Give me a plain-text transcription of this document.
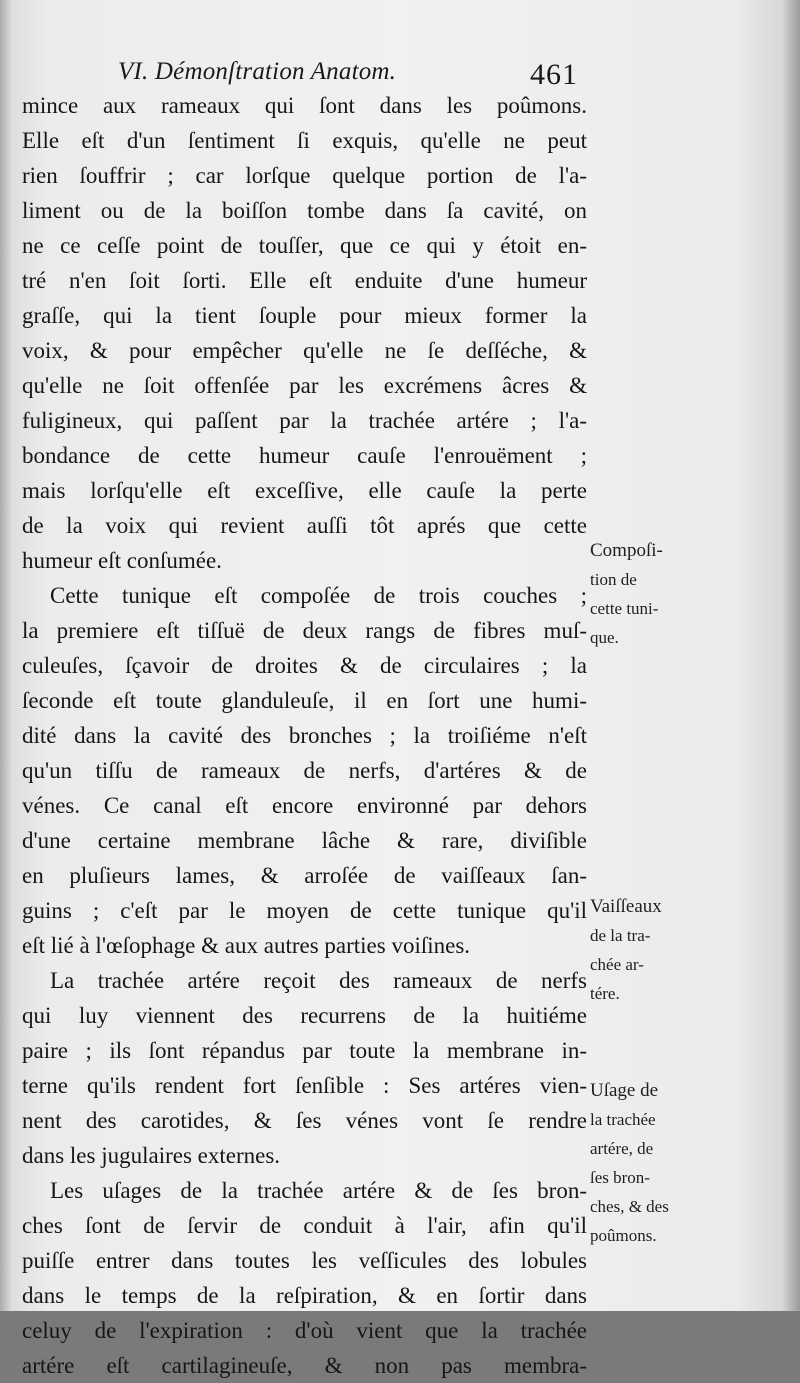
VI. Démonſtration Anatom.	461
mince aux rameaux qui ſont dans les poûmons.
Elle eſt d'un ſentiment ſi exquis, qu'elle ne peut
rien ſouffrir ; car lorſque quelque portion de l'a-
liment ou de la boiſſon tombe dans ſa cavité, on
ne ce ceſſe point de touſſer, que ce qui y étoit en-
tré n'en ſoit ſorti. Elle eſt enduite d'une humeur
graſſe, qui la tient ſouple pour mieux former la
voix, & pour empêcher qu'elle ne ſe deſſéche, &
qu'elle ne ſoit offenſée par les excrémens âcres &
fuligineux, qui paſſent par la trachée artére ; l'a-
bondance de cette humeur cauſe l'enrouëment ;
mais lorſqu'elle eſt exceſſive, elle cauſe la perte
de la voix qui revient auſſi tôt aprés que cette
humeur eſt conſumée.
Cette tunique eſt compoſée de trois couches ;
la premiere eſt tiſſuë de deux rangs de fibres muſ-
culeuſes, ſçavoir de droites & de circulaires ; la
ſeconde eſt toute glanduleuſe, il en ſort une humi-
dité dans la cavité des bronches ; la troiſiéme n'eſt
qu'un tiſſu de rameaux de nerfs, d'artéres & de
vénes. Ce canal eſt encore environné par dehors
d'une certaine membrane lâche & rare, diviſible
en pluſieurs lames, & arroſée de vaiſſeaux ſan-
guins ; c'eſt par le moyen de cette tunique qu'il
eſt lié à l'œſophage & aux autres parties voiſines.
La trachée artére reçoit des rameaux de nerfs
qui luy viennent des recurrens de la huitiéme
paire ; ils ſont répandus par toute la membrane in-
terne qu'ils rendent fort ſenſible : Ses artéres vien-
nent des carotides, & ſes vénes vont ſe rendre
dans les jugulaires externes.
Les uſages de la trachée artére & de ſes bron-
ches ſont de ſervir de conduit à l'air, afin qu'il
puiſſe entrer dans toutes les veſſicules des lobules
dans le temps de la reſpiration, & en ſortir dans
celuy de l'expiration : d'où vient que la trachée
artére eſt cartilagineuſe, & non pas membra-
Compoſi-
tion de
cette tuni-
que.
Vaiſſeaux
de la tra-
chée ar-
tére.
Uſage de
la trachée
artére, de
ſes bron-
ches, & des
poûmons.
